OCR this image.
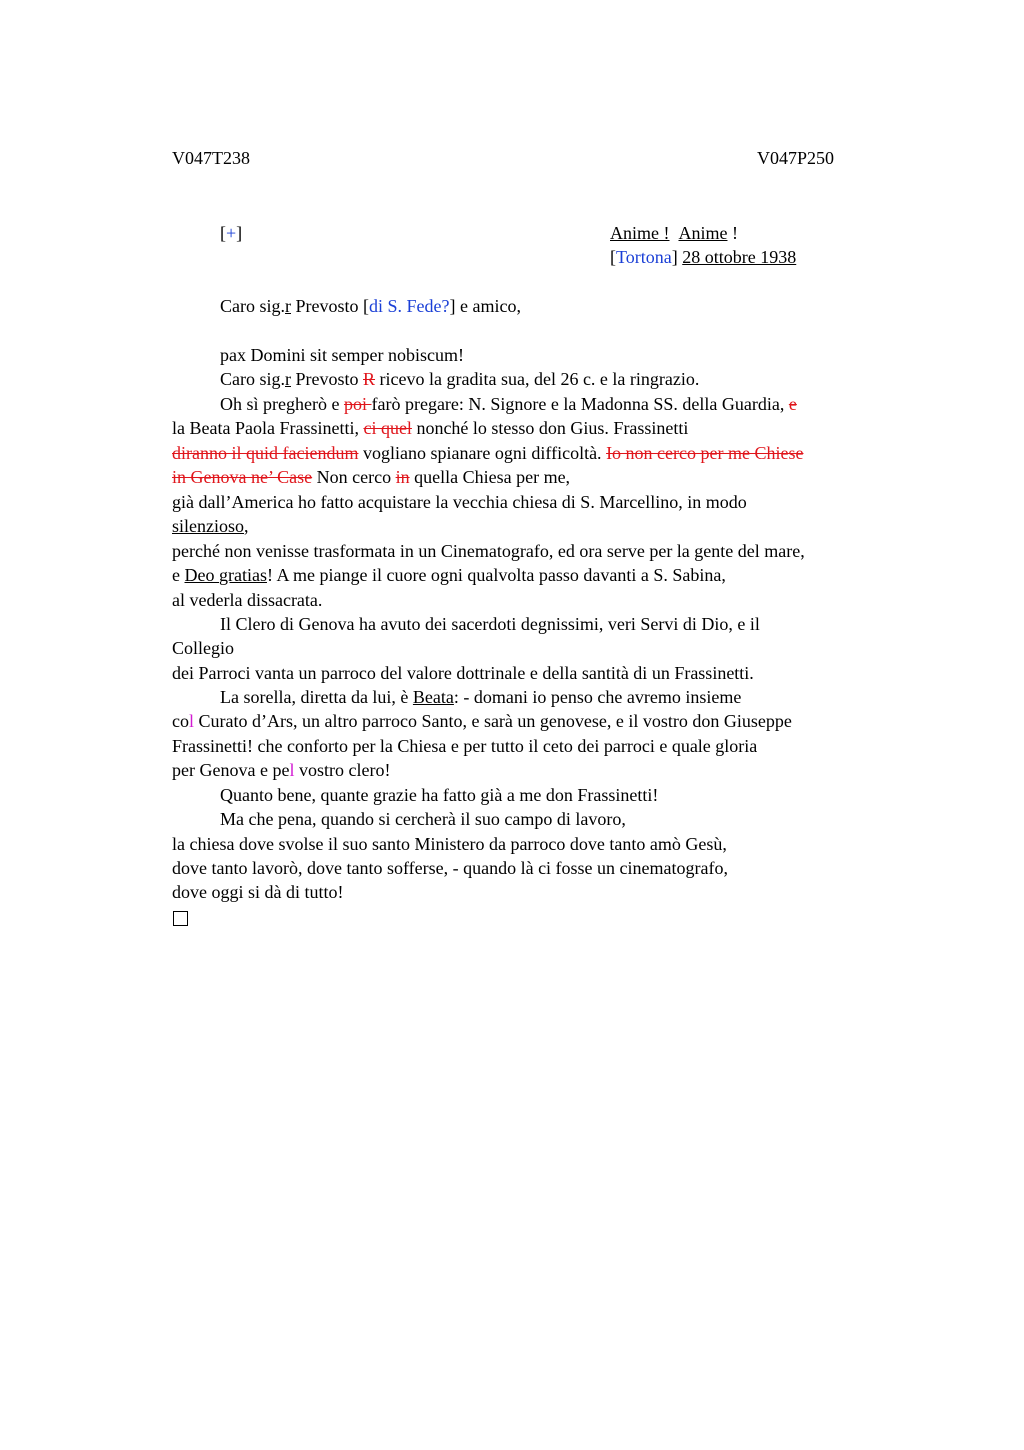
V047T238	V047P250
[+]	Anime ! Anime !
[Tortona] 28 ottobre 1938
Caro sig.r Prevosto [di S. Fede?] e amico,
pax Domini sit semper nobiscum!
Caro sig.r Prevosto R ricevo la gradita sua, del 26 c. e la ringrazio.
Oh sì pregherò e poi farò pregare: N. Signore e la Madonna SS. della Guardia, e
la Beata Paola Frassinetti, ci quel nonché lo stesso don Gius. Frassinetti
diranno il quid faciendum vogliano spianare ogni difficoltà. Io non cerco per me Chiese
in Genova ne’ Case Non cerco in quella Chiesa per me,
già dall’America ho fatto acquistare la vecchia chiesa di S. Marcellino, in modo
silenzioso,
perché non venisse trasformata in un Cinematografo, ed ora serve per la gente del mare,
e Deo gratias! A me piange il cuore ogni qualvolta passo davanti a S. Sabina,
al vederla dissacrata.
Il Clero di Genova ha avuto dei sacerdoti degnissimi, veri Servi di Dio, e il
Collegio
dei Parroci vanta un parroco del valore dottrinale e della santità di un Frassinetti.
La sorella, diretta da lui, è Beata: - domani io penso che avremo insieme
col Curato d’Ars, un altro parroco Santo, e sarà un genovese, e il vostro don Giuseppe
Frassinetti! che conforto per la Chiesa e per tutto il ceto dei parroci e quale gloria
per Genova e pel vostro clero!
Quanto bene, quante grazie ha fatto già a me don Frassinetti!
Ma che pena, quando si cercherà il suo campo di lavoro,
la chiesa dove svolse il suo santo Ministero da parroco dove tanto amò Gesù,
dove tanto lavorò, dove tanto sofferse, - quando là ci fosse un cinematografo,
dove oggi si dà di tutto!
